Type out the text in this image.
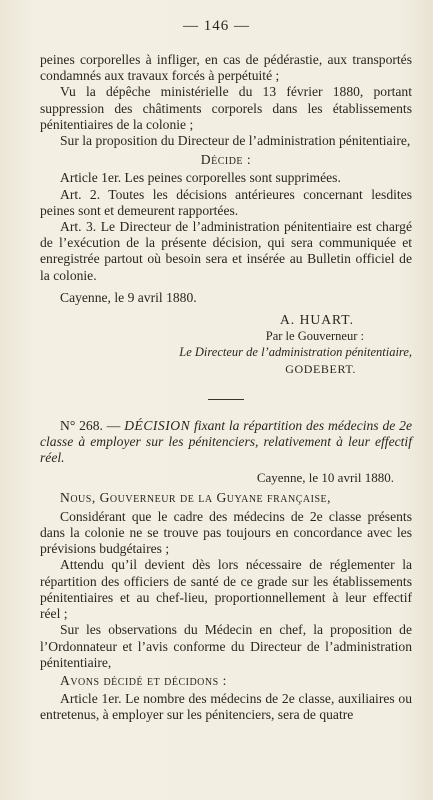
— 146 —

peines corporelles à infliger, en cas de pédérastie, aux transportés condamnés aux travaux forcés à perpétuité ;

Vu la dépêche ministérielle du 13 février 1880, portant suppression des châtiments corporels dans les établissements pénitentiaires de la colonie ;

Sur la proposition du Directeur de l’administration pénitentiaire,

Décide :

Article 1er. Les peines corporelles sont supprimées.

Art. 2. Toutes les décisions antérieures concernant lesdites peines sont et demeurent rapportées.

Art. 3. Le Directeur de l’administration pénitentiaire est chargé de l’exécution de la présente décision, qui sera communiquée et enregistrée partout où besoin sera et insérée au Bulletin officiel de la colonie.

Cayenne, le 9 avril 1880.

A. HUART.

Par le Gouverneur :

Le Directeur de l’administration pénitentiaire,

GODEBERT.

N° 268. — DÉCISION fixant la répartition des médecins de 2e classe à employer sur les pénitenciers, relativement à leur effectif réel.

Cayenne, le 10 avril 1880.

Nous, Gouverneur de la Guyane française,

Considérant que le cadre des médecins de 2e classe présents dans la colonie ne se trouve pas toujours en concordance avec les prévisions budgétaires ;

Attendu qu’il devient dès lors nécessaire de réglementer la répartition des officiers de santé de ce grade sur les établissements pénitentiaires et au chef-lieu, proportionnellement à leur effectif réel ;

Sur les observations du Médecin en chef, la proposition de l’Ordonnateur et l’avis conforme du Directeur de l’administration pénitentiaire,

Avons décidé et décidons :

Article 1er. Le nombre des médecins de 2e classe, auxiliaires ou entretenus, à employer sur les pénitenciers, sera de quatre
